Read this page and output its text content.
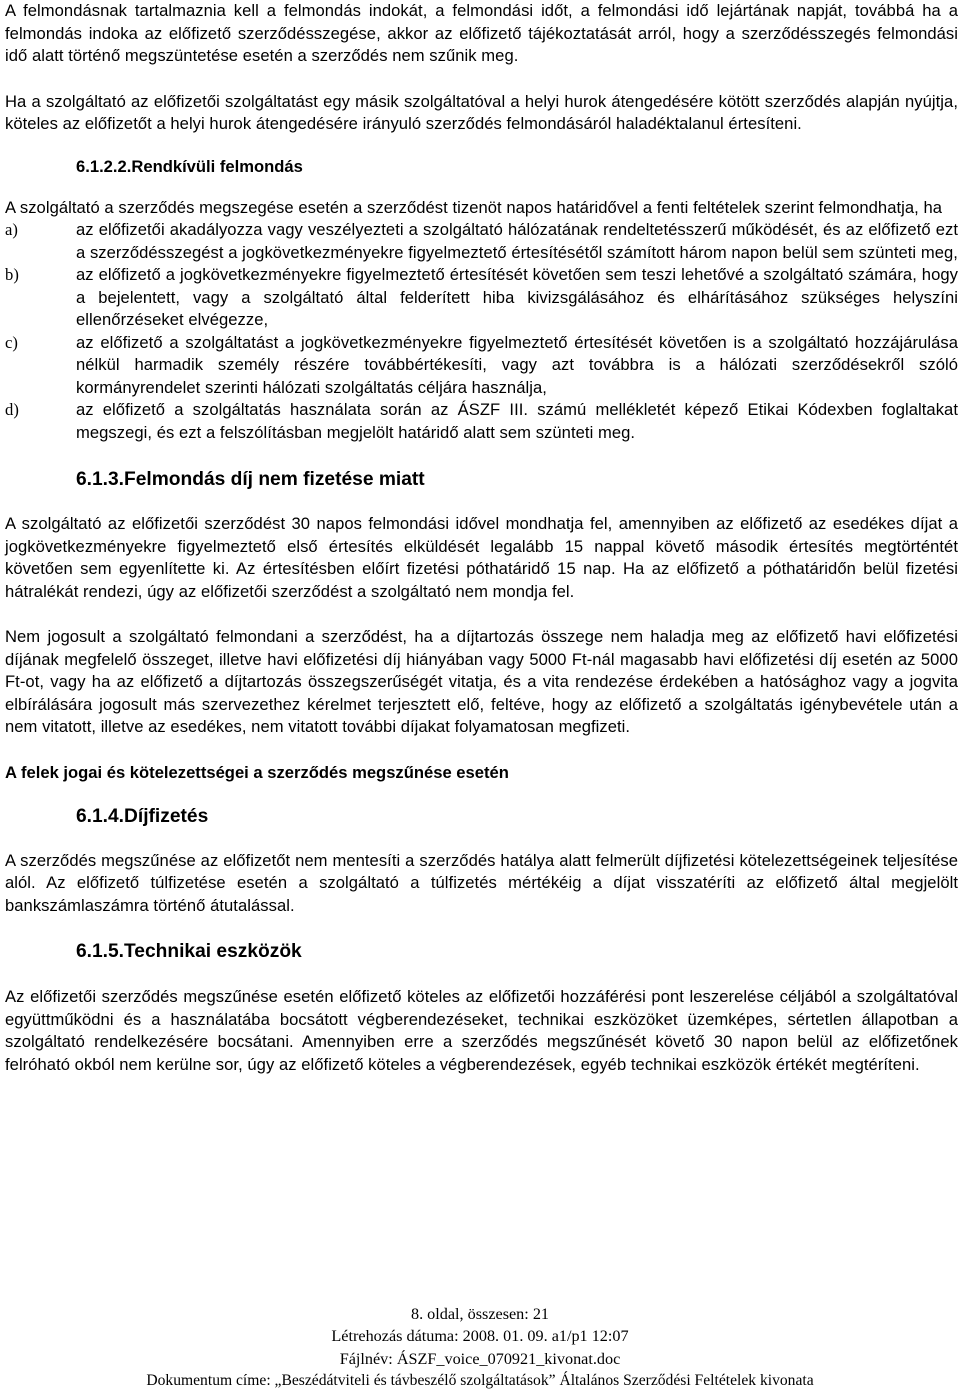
A felmondásnak tartalmaznia kell a felmondás indokát, a felmondási időt, a felmondási idő lejártának napját, továbbá ha a felmondás indoka az előfizető szerződésszegése, akkor az előfizető tájékoztatását arról, hogy a szerződésszegés felmondási idő alatt történő megszüntetése esetén a szerződés nem szűnik meg.

Ha a szolgáltató az előfizetői szolgáltatást egy másik szolgáltatóval a helyi hurok átengedésére kötött szerződés alapján nyújtja, köteles az előfizetőt a helyi hurok átengedésére irányuló szerződés felmondásáról haladéktalanul értesíteni.

6.1.2.2.Rendkívüli felmondás

A szolgáltató a szerződés megszegése esetén a szerződést tizenöt napos határidővel a fenti feltételek szerint felmondhatja, ha

a)	az előfizetői akadályozza vagy veszélyezteti a szolgáltató hálózatának rendeltetésszerű működését, és az előfizető ezt a szerződésszegést a jogkövetkezményekre figyelmeztető értesítésétől számított három napon belül sem szünteti meg,
b)	az előfizető a jogkövetkezményekre figyelmeztető értesítését követően sem teszi lehetővé a szolgáltató számára, hogy a bejelentett, vagy a szolgáltató által felderített hiba kivizsgálásához és elhárításához szükséges helyszíni ellenőrzéseket elvégezze,
c)	az előfizető a szolgáltatást a jogkövetkezményekre figyelmeztető értesítését követően is a szolgáltató hozzájárulása nélkül harmadik személy részére továbbértékesíti, vagy azt továbbra is a hálózati szerződésekről szóló kormányrendelet szerinti hálózati szolgáltatás céljára használja,
d)	az előfizető a szolgáltatás használata során az ÁSZF III. számú mellékletét képező Etikai Kódexben foglaltakat megszegi, és ezt a felszólításban megjelölt határidő alatt sem szünteti meg.

6.1.3.Felmondás díj nem fizetése miatt

A szolgáltató az előfizetői szerződést 30 napos felmondási idővel mondhatja fel, amennyiben az előfizető az esedékes díjat a jogkövetkezményekre figyelmeztető első értesítés elküldését legalább 15 nappal követő második értesítés megtörténtét követően sem egyenlítette ki. Az értesítésben előírt fizetési póthatáridő 15 nap. Ha az előfizető a póthatáridőn belül fizetési hátralékát rendezi, úgy az előfizetői szerződést a szolgáltató nem mondja fel.

Nem jogosult a szolgáltató felmondani a szerződést, ha a díjtartozás összege nem haladja meg az előfizető havi előfizetési díjának megfelelő összeget, illetve havi előfizetési díj hiányában vagy 5000 Ft-nál magasabb havi előfizetési díj esetén az 5000 Ft-ot, vagy ha az előfizető a díjtartozás összegszerűségét vitatja, és a vita rendezése érdekében a hatósághoz vagy a jogvita elbírálására jogosult más szervezethez kérelmet terjesztett elő, feltéve, hogy az előfizető a szolgáltatás igénybevétele után a nem vitatott, illetve az esedékes, nem vitatott további díjakat folyamatosan megfizeti.

A felek jogai és kötelezettségei a szerződés megszűnése esetén

6.1.4.Díjfizetés

A szerződés megszűnése az előfizetőt nem mentesíti a szerződés hatálya alatt felmerült díjfizetési kötelezettségeinek teljesítése alól. Az előfizető túlfizetése esetén a szolgáltató a túlfizetés mértékéig a díjat visszatéríti az előfizető által megjelölt bankszámlaszámra történő átutalással.

6.1.5.Technikai eszközök

Az előfizetői szerződés megszűnése esetén előfizető köteles az előfizetői hozzáférési pont leszerelése céljából a szolgáltatóval együttműködni és a használatába bocsátott végberendezéseket, technikai eszközöket üzemképes, sértetlen állapotban a szolgáltató rendelkezésére bocsátani. Amennyiben erre a szerződés megszűnését követő 30 napon belül az előfizetőnek felróható okból nem kerülne sor, úgy az előfizető köteles a végberendezések, egyéb technikai eszközök értékét megtéríteni.

8. oldal, összesen: 21
Létrehozás dátuma: 2008. 01. 09. a1/p1 12:07
Fájlnév: ÁSZF_voice_070921_kivonat.doc
Dokumentum címe: „Beszédátviteli és távbeszélő szolgáltatások” Általános Szerződési Feltételek kivonata
